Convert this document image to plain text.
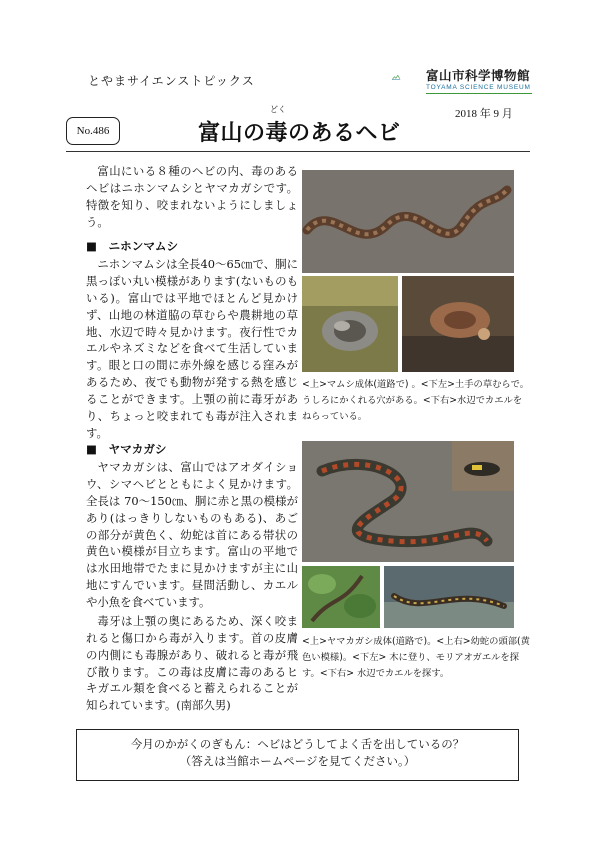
とやまサイエンストピックス	富山市科学博物館
TOYAMA SCIENCE MUSEUM
No.486
どく
富山の毒のあるヘビ
2018 年 9 月

富山にいる８種のヘビの内、毒のあるヘビはニホンマムシとヤマカガシです。特徴を知り、咬まれないようにしましょう。

■　ニホンマムシ

ニホンマムシは全長40〜65㎝で、胴に黒っぽい丸い模様があります(ないものもいる)。富山では平地でほとんど見かけず、山地の林道脇の草むらや農耕地の草地、水辺で時々見かけます。夜行性でカエルやネズミなどを食べて生活しています。眼と口の間に赤外線を感じる窪みがあるため、夜でも動物が発する熱を感じることができます。上顎の前に毒牙があり、ちょっと咬まれても毒が注入されます。

■　ヤマカガシ

ヤマカガシは、富山ではアオダイショウ、シマヘビとともによく見かけます。全長は 70〜150㎝、胴に赤と黒の模様があり(はっきりしないものもある)、あごの部分が黄色く、幼蛇は首にある帯状の黄色い模様が目立ちます。富山の平地では水田地帯でたまに見かけますが主に山地にすんでいます。昼間活動し、カエルや小魚を食べています。

毒牙は上顎の奥にあるため、深く咬まれると傷口から毒が入ります。首の皮膚の内側にも毒腺があり、破れると毒が飛び散ります。この毒は皮膚に毒のあるヒキガエル類を食べると蓄えられることが知られています。(南部久男)

<上>マムシ成体(道路で) 。<下左>土手の草むらで。うしろにかくれる穴がある。<下右>水辺でカエルをねらっている。
<上>ヤマカガシ成体(道路で)。<上右>幼蛇の頭部(黄色い模様)。<下左> 木に登り、モリアオガエルを探す。<下右> 水辺でカエルを探す。
今月のかがくのぎもん：ヘビはどうしてよく舌を出しているの？
（答えは当館ホームページを見てください。）
